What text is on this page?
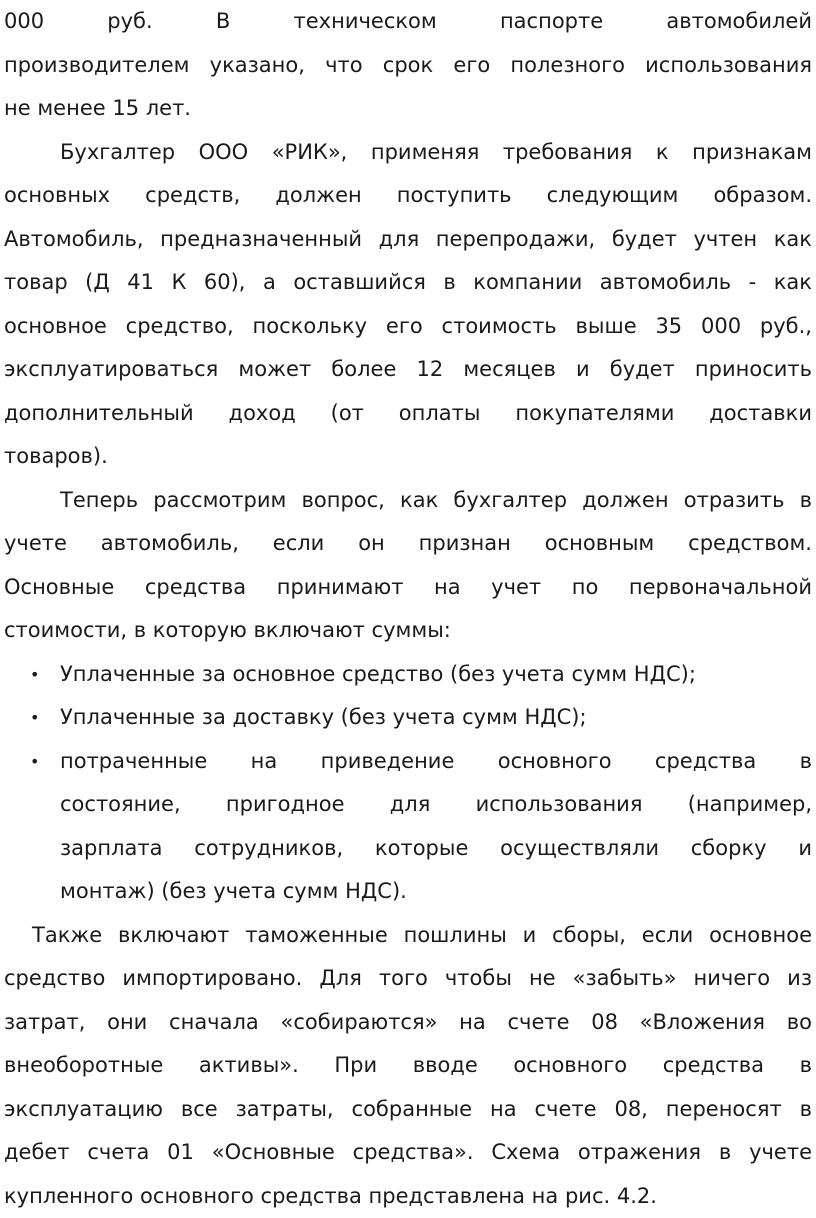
000 руб. В техническом паспорте автомобилей
производителем указано, что срок его полезного использования
не менее 15 лет.
Бухгалтер ООО «РИК», применяя требования к признакам
основных средств, должен поступить следующим образом.
Автомобиль, предназначенный для перепродажи, будет учтен как
товар (Д 41 К 60), а оставшийся в компании автомобиль - как
основное средство, поскольку его стоимость выше 35 000 руб.,
эксплуатироваться может более 12 месяцев и будет приносить
дополнительный доход (от оплаты покупателями доставки
товаров).
Теперь рассмотрим вопрос, как бухгалтер должен отразить в
учете автомобиль, если он признан основным средством.
Основные средства принимают на учет по первоначальной
стоимости, в которую включают суммы:
• Уплаченные за основное средство (без учета сумм НДС);
• Уплаченные за доставку (без учета сумм НДС);
• потраченные на приведение основного средства в
состояние, пригодное для использования (например,
зарплата сотрудников, которые осуществляли сборку и
монтаж) (без учета сумм НДС).
Также включают таможенные пошлины и сборы, если основное
средство импортировано. Для того чтобы не «забыть» ничего из
затрат, они сначала «собираются» на счете 08 «Вложения во
внеоборотные активы». При вводе основного средства в
эксплуатацию все затраты, собранные на счете 08, переносят в
дебет счета 01 «Основные средства». Схема отражения в учете
купленного основного средства представлена на рис. 4.2.
